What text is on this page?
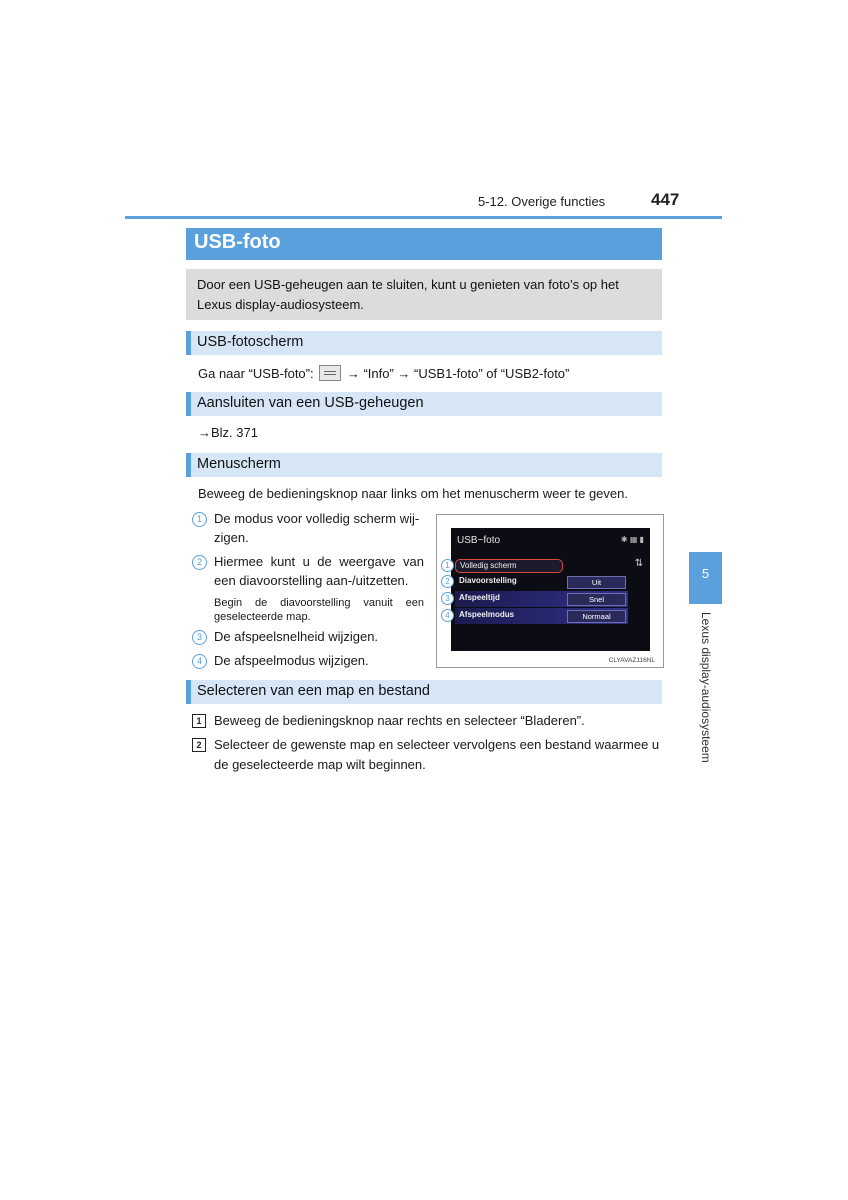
5-12. Overige functies	447
USB-foto
Door een USB-geheugen aan te sluiten, kunt u genieten van foto’s op het Lexus display-audiosysteem.
USB-fotoscherm
Ga naar “USB-foto”:	→ “Info” → “USB1-foto” of “USB2-foto”
Aansluiten van een USB-geheugen
→Blz. 371
Menuscherm
Beweeg de bedieningsknop naar links om het menuscherm weer te geven.
1 De modus voor volledig scherm wij-
zigen.
2 Hiermee kunt u de weergave van
een diavoorstelling aan-/uitzetten.
Begin de diavoorstelling vanuit een
geselecteerde map.
3 De afspeelsnelheid wijzigen.
4 De afspeelmodus wijzigen.
USB−foto	✱ ▦ ▮
Volledig scherm
Diavoorstelling	Uit
Afspeeltijd	Snel
Afspeelmodus	Normaal
⇅
1
2
3
4
CLYAVAZ116NL
Selecteren van een map en bestand
1 Beweeg de bedieningsknop naar rechts en selecteer “Bladeren”.
2 Selecteer de gewenste map en selecteer vervolgens een bestand waarmee u
de geselecteerde map wilt beginnen.
5
Lexus display-audiosysteem
